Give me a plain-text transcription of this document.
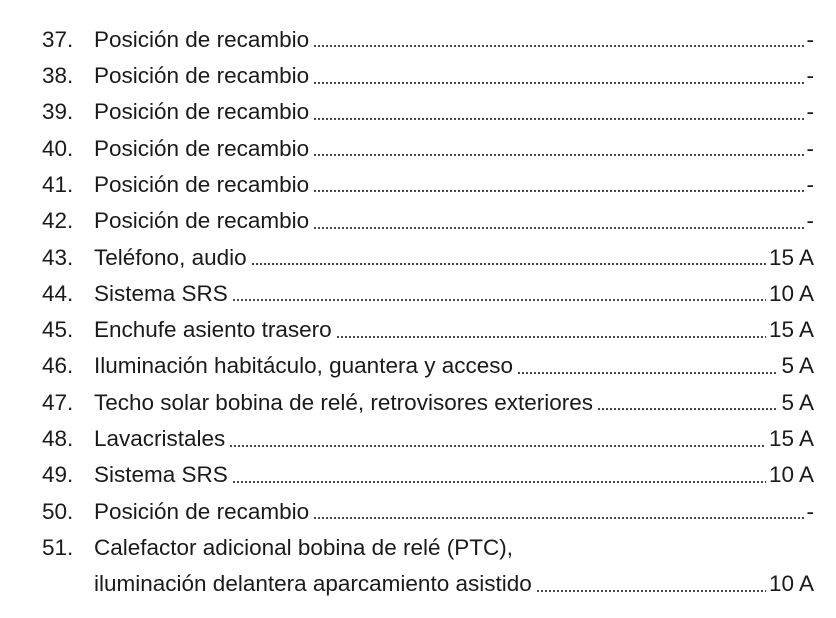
37. Posición de recambio	-
38. Posición de recambio	-
39. Posición de recambio	-
40. Posición de recambio	-
41. Posición de recambio	-
42. Posición de recambio	-
43. Teléfono, audio	15 A
44. Sistema SRS	10 A
45. Enchufe asiento trasero	15 A
46. Iluminación habitáculo, guantera y acceso	5 A
47. Techo solar bobina de relé, retrovisores exteriores	5 A
48. Lavacristales	15 A
49. Sistema SRS	10 A
50. Posición de recambio	-
51. Calefactor adicional bobina de relé (PTC),
iluminación delantera aparcamiento asistido	10 A
